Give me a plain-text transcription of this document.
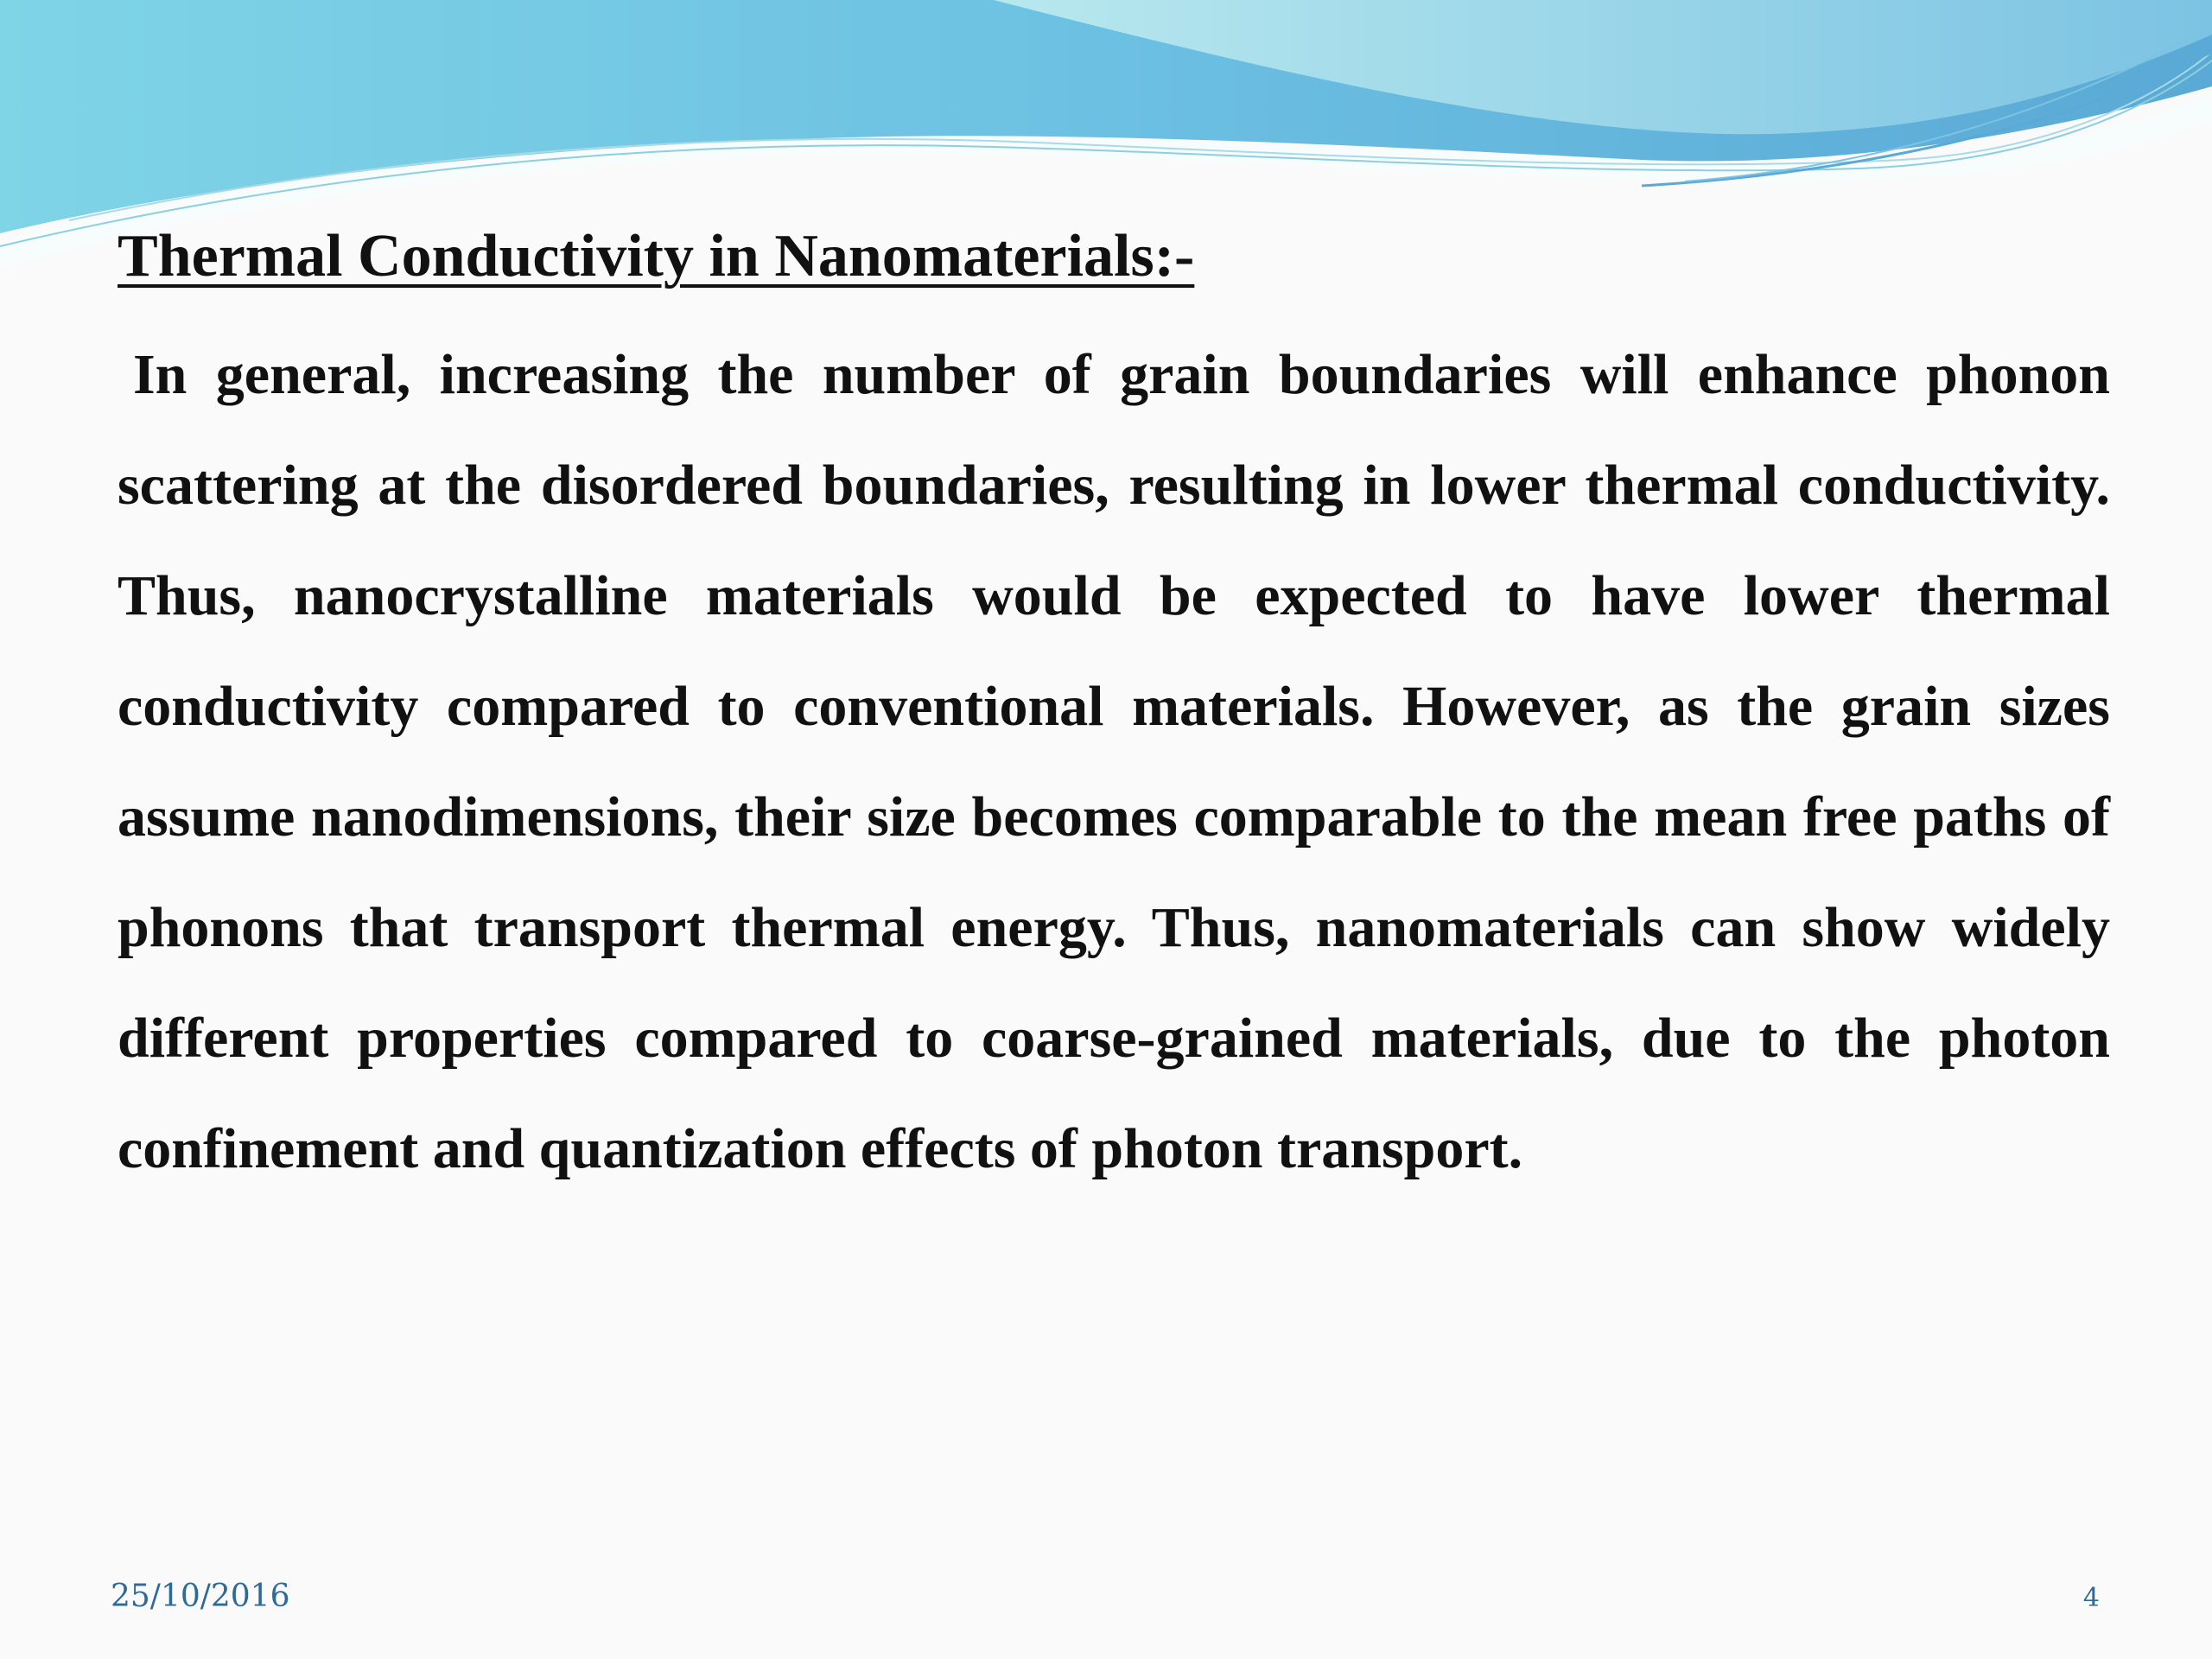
Thermal Conductivity in Nanomaterials:-

In general, increasing the number of grain boundaries will enhance phonon scattering at the disordered boundaries, resulting in lower thermal conductivity. Thus, nanocrystalline materials would be expected to have lower thermal conductivity compared to conventional materials. However, as the grain sizes assume nanodimensions, their size becomes comparable to the mean free paths of phonons that transport thermal energy. Thus, nanomaterials can show widely different properties compared to coarse-grained materials, due to the photon confinement and quantization effects of photon transport.

25/10/2016	4
